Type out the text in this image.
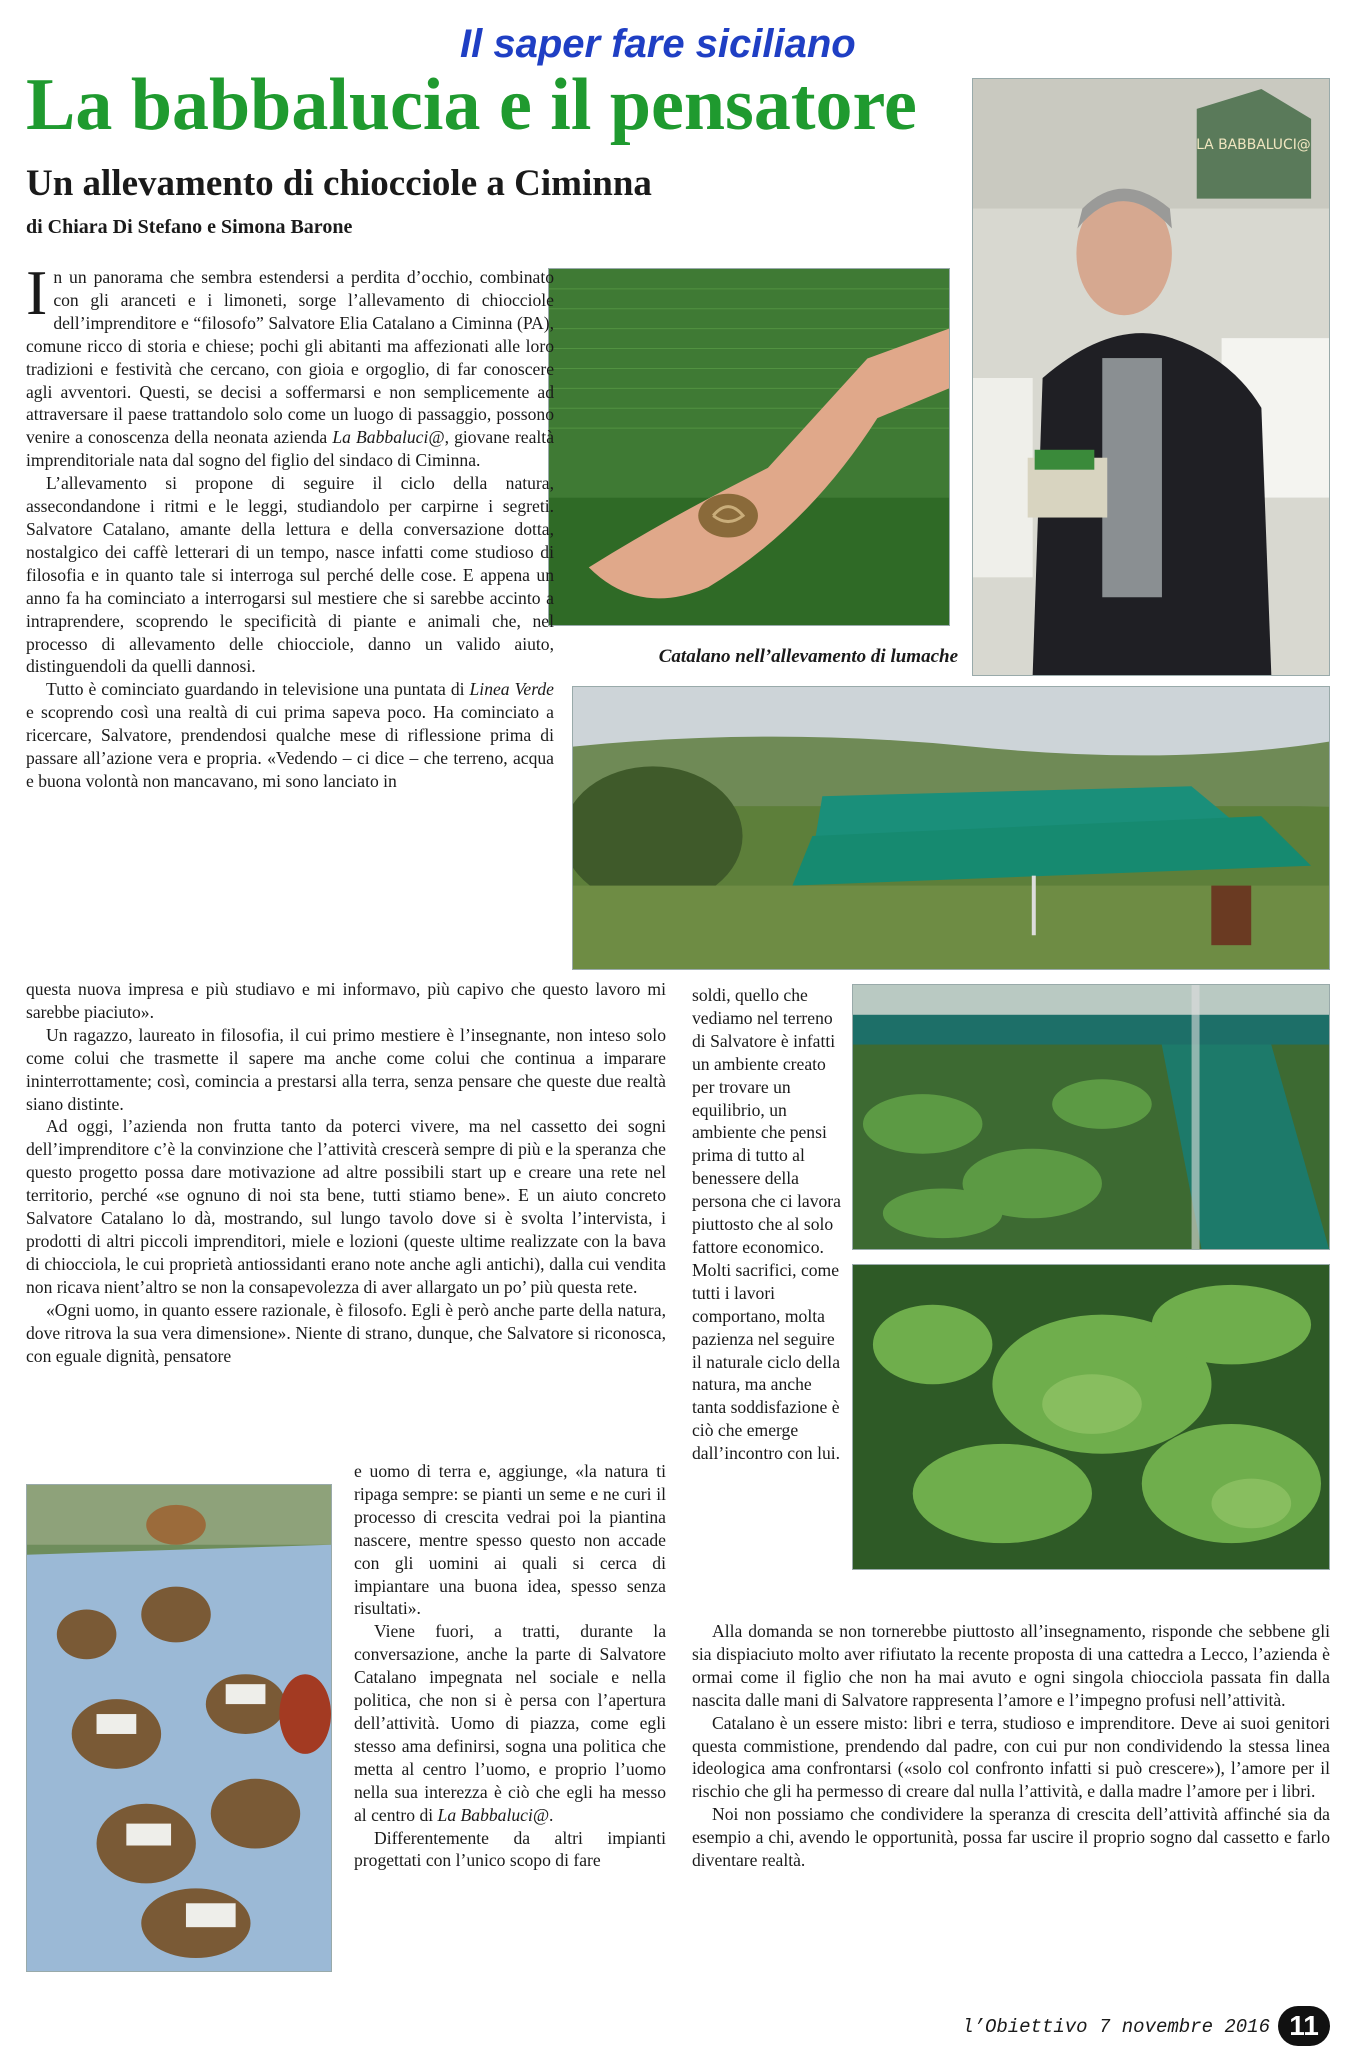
Il saper fare siciliano
La babbalucia e il pensatore
Un allevamento di chiocciole a Ciminna
di Chiara Di Stefano e Simona Barone
LA BABBALUCI@
Catalano nell’allevamento di lumache

In un panorama che sembra estendersi a perdita d’occhio, combinato con gli aranceti e i limoneti, sorge l’allevamento di chiocciole dell’imprenditore e “filosofo” Salvatore Elia Catalano a Ciminna (PA), comune ricco di storia e chiese; pochi gli abitanti ma affezionati alle loro tradizioni e festività che cercano, con gioia e orgoglio, di far conoscere agli avventori. Questi, se decisi a soffermarsi e non semplicemente ad attraversare il paese trattandolo solo come un luogo di passaggio, possono venire a conoscenza della neonata azienda La Babbaluci@, giovane realtà imprenditoriale nata dal sogno del figlio del sindaco di Ciminna.

L’allevamento si propone di seguire il ciclo della natura, assecondandone i ritmi e le leggi, studiandolo per carpirne i segreti. Salvatore Catalano, amante della lettura e della conversazione dotta, nostalgico dei caffè letterari di un tempo, nasce infatti come studioso di filosofia e in quanto tale si interroga sul perché delle cose. E appena un anno fa ha cominciato a interrogarsi sul mestiere che si sarebbe accinto a intraprendere, scoprendo le specificità di piante e animali che, nel processo di allevamento delle chiocciole, danno un valido aiuto, distinguendoli da quelli dannosi.

Tutto è cominciato guardando in televisione una puntata di Linea Verde e scoprendo così una realtà di cui prima sapeva poco. Ha cominciato a ricercare, Salvatore, prendendosi qualche mese di riflessione prima di passare all’azione vera e propria. «Vedendo – ci dice – che terreno, acqua e buona volontà non mancavano, mi sono lanciato in

questa nuova impresa e più studiavo e mi informavo, più capivo che questo lavoro mi sarebbe piaciuto».

Un ragazzo, laureato in filosofia, il cui primo mestiere è l’insegnante, non inteso solo come colui che trasmette il sapere ma anche come colui che continua a imparare ininterrottamente; così, comincia a prestarsi alla terra, senza pensare che queste due realtà siano distinte.

Ad oggi, l’azienda non frutta tanto da poterci vivere, ma nel cassetto dei sogni dell’imprenditore c’è la convinzione che l’attività crescerà sempre di più e la speranza che questo progetto possa dare motivazione ad altre possibili start up e creare una rete nel territorio, perché «se ognuno di noi sta bene, tutti stiamo bene». E un aiuto concreto Salvatore Catalano lo dà, mostrando, sul lungo tavolo dove si è svolta l’intervista, i prodotti di altri piccoli imprenditori, miele e lozioni (queste ultime realizzate con la bava di chiocciola, le cui proprietà antiossidanti erano note anche agli antichi), dalla cui vendita non ricava nient’altro se non la consapevolezza di aver allargato un po’ più questa rete.

«Ogni uomo, in quanto essere razionale, è filosofo. Egli è però anche parte della natura, dove ritrova la sua vera dimensione». Niente di strano, dunque, che Salvatore si riconosca, con eguale dignità, pensatore

e uomo di terra e, aggiunge, «la natura ti ripaga sempre: se pianti un seme e ne curi il processo di crescita vedrai poi la piantina nascere, mentre spesso questo non accade con gli uomini ai quali si cerca di impiantare una buona idea, spesso senza risultati».

Viene fuori, a tratti, durante la conversazione, anche la parte di Salvatore Catalano impegnata nel sociale e nella politica, che non si è persa con l’apertura dell’attività. Uomo di piazza, come egli stesso ama definirsi, sogna una politica che metta al centro l’uomo, e proprio l’uomo nella sua interezza è ciò che egli ha messo al centro di La Babbaluci@.

Differentemente da altri impianti progettati con l’unico scopo di fare

soldi, quello che vediamo nel terreno di Salvatore è infatti un ambiente creato per trovare un equilibrio, un ambiente che pensi prima di tutto al benessere della persona che ci lavora piuttosto che al solo fattore economico.

Molti sacrifici, come tutti i lavori comportano, molta pazienza nel seguire il naturale ciclo della natura, ma anche tanta soddisfazione è ciò che emerge dall’incontro con lui.

Alla domanda se non tornerebbe piuttosto all’insegnamento, risponde che sebbene gli sia dispiaciuto molto aver rifiutato la recente proposta di una cattedra a Lecco, l’azienda è ormai come il figlio che non ha mai avuto e ogni singola chiocciola passata fin dalla nascita dalle mani di Salvatore rappresenta l’amore e l’impegno profusi nell’attività.

Catalano è un essere misto: libri e terra, studioso e imprenditore. Deve ai suoi genitori questa commistione, prendendo dal padre, con cui pur non condividendo la stessa linea ideologica ama confrontarsi («solo col confronto infatti si può crescere»), l’amore per il rischio che gli ha permesso di creare dal nulla l’attività, e dalla madre l’amore per i libri.

Noi non possiamo che condividere la speranza di crescita dell’attività affinché sia da esempio a chi, avendo le opportunità, possa far uscire il proprio sogno dal cassetto e farlo diventare realtà.

l’Obiettivo 7 novembre 2016 11
